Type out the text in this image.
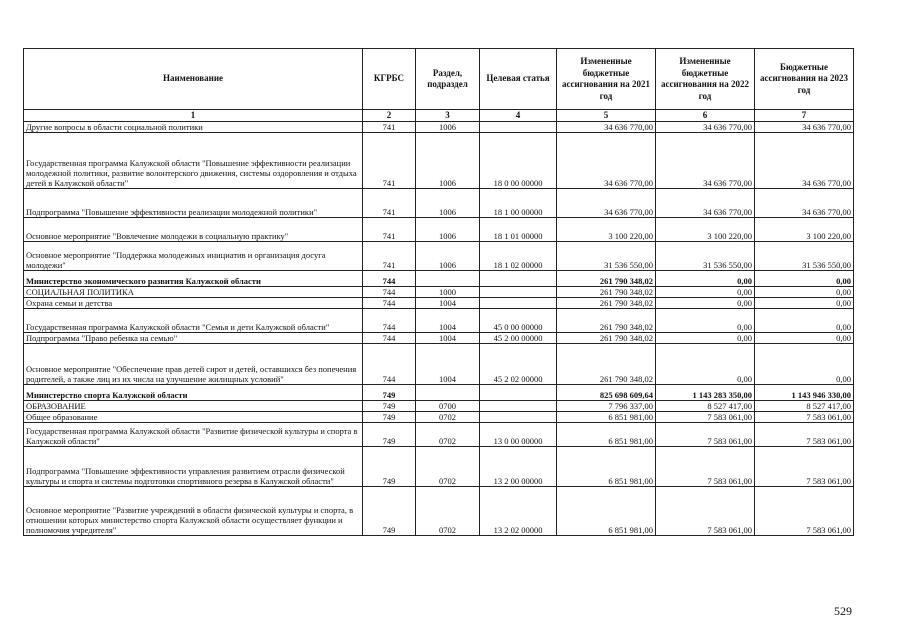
Наименование	КГРБС	Раздел, подраздел	Целевая статья	Измененные бюджетные ассигнования на 2021 год	Измененные бюджетные ассигнования на 2022 год	Бюджетные ассигнования на 2023 год
1	2	3	4	5	6	7
Другие вопросы в области социальной политики	741	1006		34 636 770,00	34 636 770,00	34 636 770,00
Государственная программа Калужской области "Повышение эффективности реализации молодежной политики, развитие волонтерского движения, системы оздоровления и отдыха детей в Калужской области"	741	1006	18 0 00 00000	34 636 770,00	34 636 770,00	34 636 770,00
Подпрограмма "Повышение эффективности реализации молодежной политики"	741	1006	18 1 00 00000	34 636 770,00	34 636 770,00	34 636 770,00
Основное мероприятие "Вовлечение молодежи в социальную практику"	741	1006	18 1 01 00000	3 100 220,00	3 100 220,00	3 100 220,00
Основное мероприятие "Поддержка молодежных инициатив и организация досуга молодежи"	741	1006	18 1 02 00000	31 536 550,00	31 536 550,00	31 536 550,00
Министерство экономического развития Калужской области	744			261 790 348,02	0,00	0,00
СОЦИАЛЬНАЯ ПОЛИТИКА	744	1000		261 790 348,02	0,00	0,00
Охрана семьи и детства	744	1004		261 790 348,02	0,00	0,00
Государственная программа Калужской области "Семья и дети Калужской области"	744	1004	45 0 00 00000	261 790 348,02	0,00	0,00
Подпрограмма "Право ребенка на семью"	744	1004	45 2 00 00000	261 790 348,02	0,00	0,00
Основное мероприятие "Обеспечение прав детей сирот и детей, оставшихся без попечения родителей, а также лиц из их числа на улучшение жилищных условий"	744	1004	45 2 02 00000	261 790 348,02	0,00	0,00
Министерство спорта Калужской области	749			825 698 609,64	1 143 283 350,00	1 143 946 330,00
ОБРАЗОВАНИЕ	749	0700		7 796 337,00	8 527 417,00	8 527 417,00
Общее образование	749	0702		6 851 981,00	7 583 061,00	7 583 061,00
Государственная программа Калужской области "Развитие физической культуры и спорта в Калужской области"	749	0702	13 0 00 00000	6 851 981,00	7 583 061,00	7 583 061,00
Подпрограмма "Повышение эффективности управления развитием отрасли физической культуры и спорта и системы подготовки спортивного резерва в Калужской области"	749	0702	13 2 00 00000	6 851 981,00	7 583 061,00	7 583 061,00
Основное мероприятие "Развитие учреждений в области физической культуры и спорта, в отношении которых министерство спорта Калужской области осуществляет функции и полномочия учредителя"	749	0702	13 2 02 00000	6 851 981,00	7 583 061,00	7 583 061,00
529
